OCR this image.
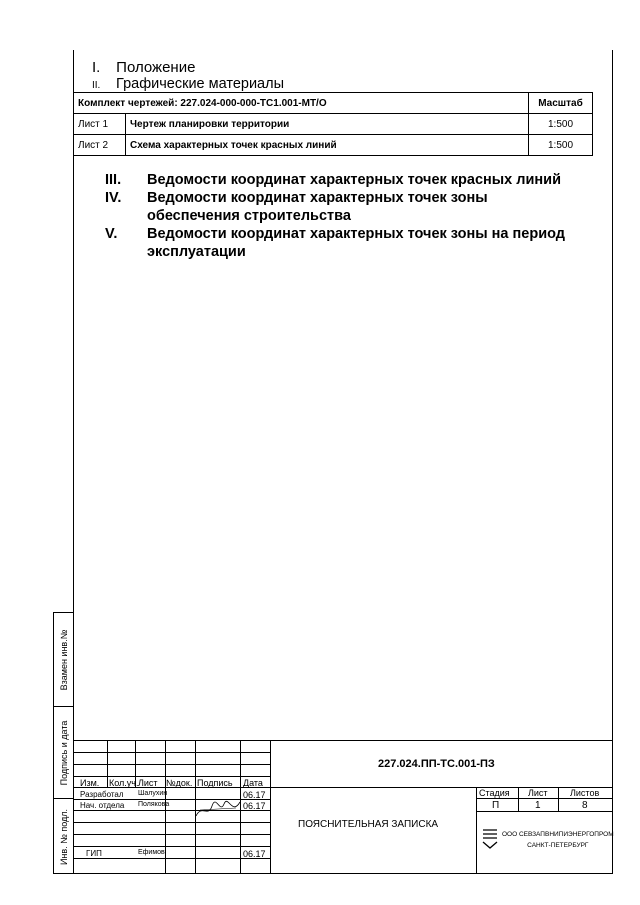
Взамен инв.№
Подпись и дата
Инв. № подл.
I. Положение
II. Графические материалы
Комплект чертежей: 227.024-000-000-ТС1.001-МТ/О		Масштаб
Лист 1	Чертеж планировки территории	1:500
Лист 2	Схема характерных точек красных линий	1:500
III.	Ведомости координат характерных точек красных линий
IV.	Ведомости координат характерных точек зоны обеспечения строительства
V.	Ведомости координат характерных точек зоны на период эксплуатации
Изм. Кол.уч. Лист №док. Подпись Дата
Разработал Шалухин	06.17
Нач. отдела Полякова	06.17
ГИП	Ефимов	06.17
227.024.ПП-ТС.001-ПЗ
ПОЯСНИТЕЛЬНАЯ ЗАПИСКА
Стадия Лист Листов
П	1	8
ООО СЕВЗАПВНИПИЭНЕРГОПРОМ
САНКТ-ПЕТЕРБУРГ
